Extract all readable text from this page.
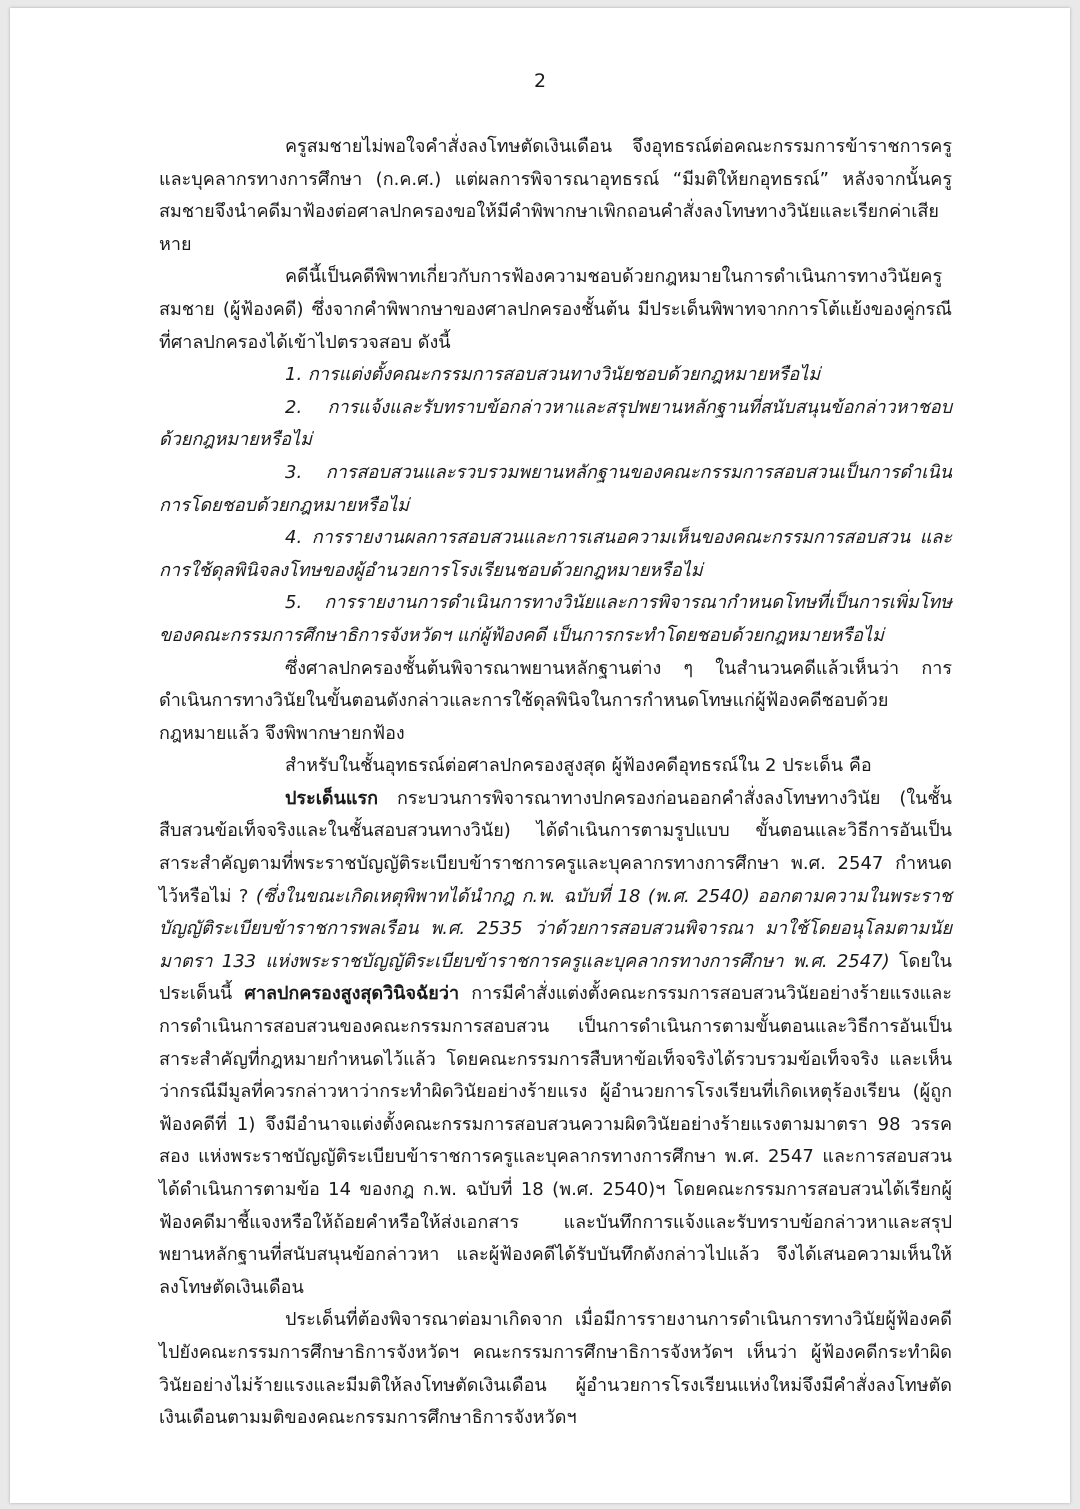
2

ครูสมชายไม่พอใจคำสั่งลงโทษตัดเงินเดือน จึงอุทธรณ์ต่อคณะกรรมการข้าราชการครูและบุคลากรทางการศึกษา (ก.ค.ศ.) แต่ผลการพิจารณาอุทธรณ์ “มีมติให้ยกอุทธรณ์” หลังจากนั้นครูสมชายจึงนำคดีมาฟ้องต่อศาลปกครองขอให้มีคำพิพากษาเพิกถอนคำสั่งลงโทษทางวินัยและเรียกค่าเสียหาย

คดีนี้เป็นคดีพิพาทเกี่ยวกับการฟ้องความชอบด้วยกฎหมายในการดำเนินการทางวินัยครูสมชาย (ผู้ฟ้องคดี) ซึ่งจากคำพิพากษาของศาลปกครองชั้นต้น มีประเด็นพิพาทจากการโต้แย้งของคู่กรณีที่ศาลปกครองได้เข้าไปตรวจสอบ ดังนี้

1. การแต่งตั้งคณะกรรมการสอบสวนทางวินัยชอบด้วยกฎหมายหรือไม่

2. การแจ้งและรับทราบข้อกล่าวหาและสรุปพยานหลักฐานที่สนับสนุนข้อกล่าวหาชอบด้วยกฎหมายหรือไม่

3. การสอบสวนและรวบรวมพยานหลักฐานของคณะกรรมการสอบสวนเป็นการดำเนินการโดยชอบด้วยกฎหมายหรือไม่

4. การรายงานผลการสอบสวนและการเสนอความเห็นของคณะกรรมการสอบสวน และการใช้ดุลพินิจลงโทษของผู้อำนวยการโรงเรียนชอบด้วยกฎหมายหรือไม่

5. การรายงานการดำเนินการทางวินัยและการพิจารณากำหนดโทษที่เป็นการเพิ่มโทษของคณะกรรมการศึกษาธิการจังหวัดฯ แก่ผู้ฟ้องคดี เป็นการกระทำโดยชอบด้วยกฎหมายหรือไม่

ซึ่งศาลปกครองชั้นต้นพิจารณาพยานหลักฐานต่าง ๆ ในสำนวนคดีแล้วเห็นว่า การดำเนินการทางวินัยในขั้นตอนดังกล่าวและการใช้ดุลพินิจในการกำหนดโทษแก่ผู้ฟ้องคดีชอบด้วยกฎหมายแล้ว จึงพิพากษายกฟ้อง

สำหรับในชั้นอุทธรณ์ต่อศาลปกครองสูงสุด ผู้ฟ้องคดีอุทธรณ์ใน 2 ประเด็น คือ

ประเด็นแรก กระบวนการพิจารณาทางปกครองก่อนออกคำสั่งลงโทษทางวินัย (ในชั้นสืบสวนข้อเท็จจริงและในชั้นสอบสวนทางวินัย) ได้ดำเนินการตามรูปแบบ ขั้นตอนและวิธีการอันเป็นสาระสำคัญตามที่พระราชบัญญัติระเบียบข้าราชการครูและบุคลากรทางการศึกษา พ.ศ. 2547 กำหนดไว้หรือไม่ ? (ซึ่งในขณะเกิดเหตุพิพาทได้นำกฎ ก.พ. ฉบับที่ 18 (พ.ศ. 2540) ออกตามความในพระราชบัญญัติระเบียบข้าราชการพลเรือน พ.ศ. 2535 ว่าด้วยการสอบสวนพิจารณา มาใช้โดยอนุโลมตามนัยมาตรา 133 แห่งพระราชบัญญัติระเบียบข้าราชการครูและบุคลากรทางการศึกษา พ.ศ. 2547) โดยในประเด็นนี้ ศาลปกครองสูงสุดวินิจฉัยว่า การมีคำสั่งแต่งตั้งคณะกรรมการสอบสวนวินัยอย่างร้ายแรงและการดำเนินการสอบสวนของคณะกรรมการสอบสวน เป็นการดำเนินการตามขั้นตอนและวิธีการอันเป็นสาระสำคัญที่กฎหมายกำหนดไว้แล้ว โดยคณะกรรมการสืบหาข้อเท็จจริงได้รวบรวมข้อเท็จจริง และเห็นว่ากรณีมีมูลที่ควรกล่าวหาว่ากระทำผิดวินัยอย่างร้ายแรง ผู้อำนวยการโรงเรียนที่เกิดเหตุร้องเรียน (ผู้ถูกฟ้องคดีที่ 1) จึงมีอำนาจแต่งตั้งคณะกรรมการสอบสวนความผิดวินัยอย่างร้ายแรงตามมาตรา 98 วรรคสอง แห่งพระราชบัญญัติระเบียบข้าราชการครูและบุคลากรทางการศึกษา พ.ศ. 2547 และการสอบสวนได้ดำเนินการตามข้อ 14 ของกฎ ก.พ. ฉบับที่ 18 (พ.ศ. 2540)ฯ โดยคณะกรรมการสอบสวนได้เรียกผู้ฟ้องคดีมาชี้แจงหรือให้ถ้อยคำหรือให้ส่งเอกสาร และบันทึกการแจ้งและรับทราบข้อกล่าวหาและสรุปพยานหลักฐานที่สนับสนุนข้อกล่าวหา และผู้ฟ้องคดีได้รับบันทึกดังกล่าวไปแล้ว จึงได้เสนอความเห็นให้ลงโทษตัดเงินเดือน

ประเด็นที่ต้องพิจารณาต่อมาเกิดจาก เมื่อมีการรายงานการดำเนินการทางวินัยผู้ฟ้องคดีไปยังคณะกรรมการศึกษาธิการจังหวัดฯ คณะกรรมการศึกษาธิการจังหวัดฯ เห็นว่า ผู้ฟ้องคดีกระทำผิดวินัยอย่างไม่ร้ายแรงและมีมติให้ลงโทษตัดเงินเดือน ผู้อำนวยการโรงเรียนแห่งใหม่จึงมีคำสั่งลงโทษตัดเงินเดือนตามมติของคณะกรรมการศึกษาธิการจังหวัดฯ
